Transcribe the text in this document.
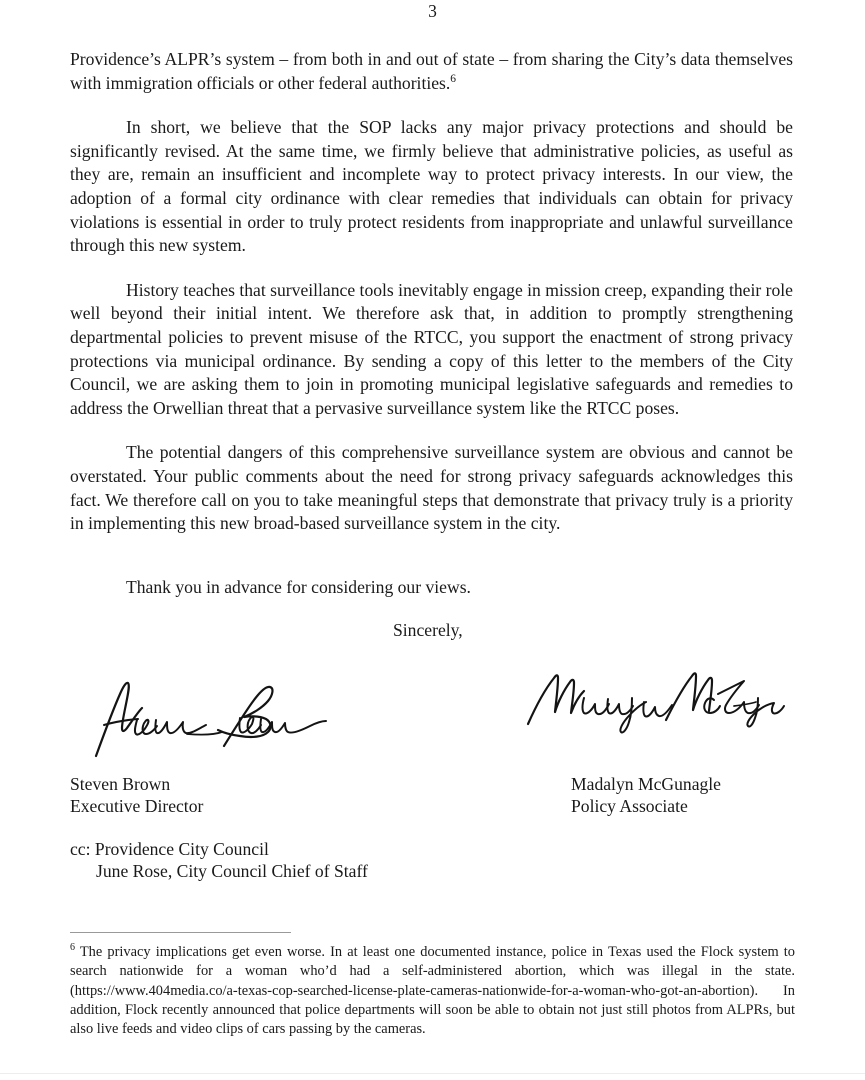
3

Providence’s ALPR’s system – from both in and out of state – from sharing the City’s data themselves with immigration officials or other federal authorities.$^6$

In short, we believe that the SOP lacks any major privacy protections and should be significantly revised. At the same time, we firmly believe that administrative policies, as useful as they are, remain an insufficient and incomplete way to protect privacy interests. In our view, the adoption of a formal city ordinance with clear remedies that individuals can obtain for privacy violations is essential in order to truly protect residents from inappropriate and unlawful surveillance through this new system.

History teaches that surveillance tools inevitably engage in mission creep, expanding their role well beyond their initial intent. We therefore ask that, in addition to promptly strengthening departmental policies to prevent misuse of the RTCC, you support the enactment of strong privacy protections via municipal ordinance. By sending a copy of this letter to the members of the City Council, we are asking them to join in promoting municipal legislative safeguards and remedies to address the Orwellian threat that a pervasive surveillance system like the RTCC poses.

The potential dangers of this comprehensive surveillance system are obvious and cannot be overstated. Your public comments about the need for strong privacy safeguards acknowledges this fact. We therefore call on you to take meaningful steps that demonstrate that privacy truly is a priority in implementing this new broad-based surveillance system in the city.

Thank you in advance for considering our views.
Sincerely,
Steven Brown
Executive Director
Madalyn McGunagle
Policy Associate
cc: Providence City Council
June Rose, City Council Chief of Staff
$^6$ The privacy implications get even worse. In at least one documented instance, police in Texas used the Flock system to search nationwide for a woman who’d had a self-administered abortion, which was illegal in the state. (https://www.404media.co/a-texas-cop-searched-license-plate-cameras-nationwide-for-a-woman-who-got-an-abortion). In addition, Flock recently announced that police departments will soon be able to obtain not just still photos from ALPRs, but also live feeds and video clips of cars passing by the cameras.
